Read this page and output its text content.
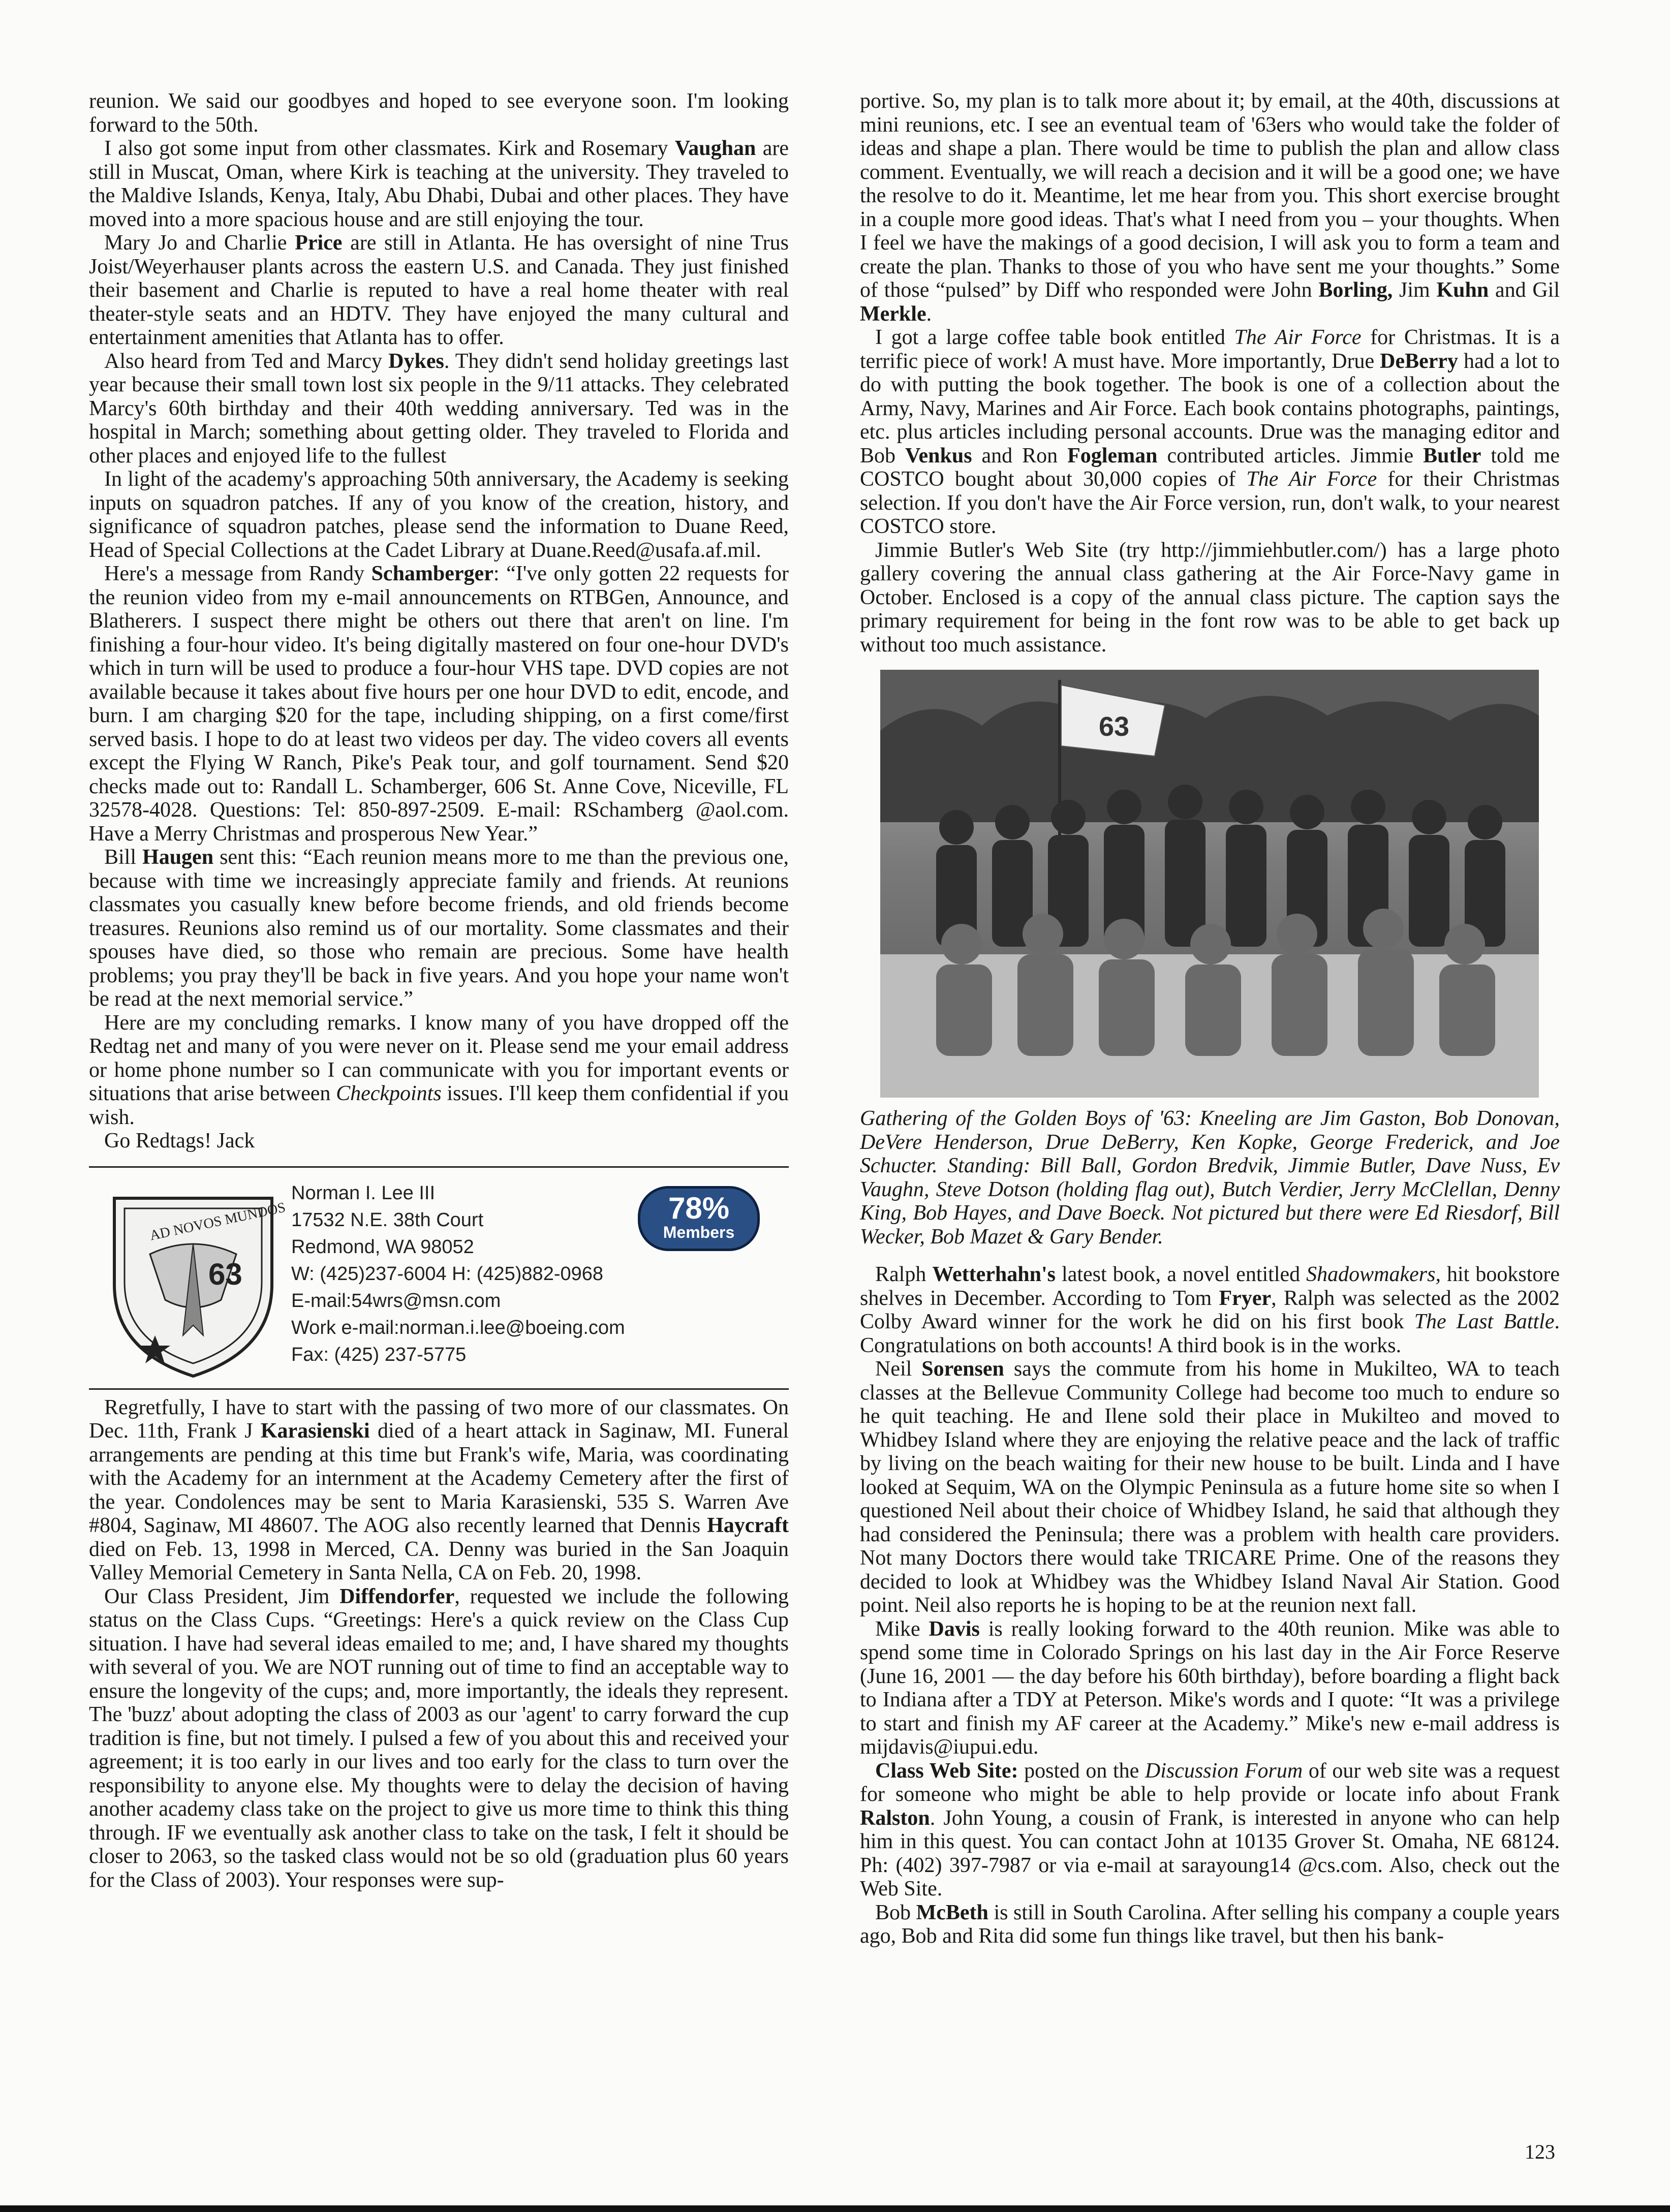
reunion. We said our goodbyes and hoped to see everyone soon. I'm looking forward to the 50th.

I also got some input from other classmates. Kirk and Rosemary Vaughan are still in Muscat, Oman, where Kirk is teaching at the university. They traveled to the Maldive Islands, Kenya, Italy, Abu Dhabi, Dubai and other places. They have moved into a more spacious house and are still enjoying the tour.

Mary Jo and Charlie Price are still in Atlanta. He has oversight of nine Trus Joist/Weyerhauser plants across the eastern U.S. and Canada. They just finished their basement and Charlie is reputed to have a real home theater with real theater-style seats and an HDTV. They have enjoyed the many cultural and entertainment amenities that Atlanta has to offer.

Also heard from Ted and Marcy Dykes. They didn't send holiday greetings last year because their small town lost six people in the 9/11 attacks. They celebrated Marcy's 60th birthday and their 40th wedding anniversary. Ted was in the hospital in March; something about getting older. They traveled to Florida and other places and enjoyed life to the fullest

In light of the academy's approaching 50th anniversary, the Academy is seeking inputs on squadron patches. If any of you know of the creation, history, and significance of squadron patches, please send the information to Duane Reed, Head of Special Collections at the Cadet Library at Duane.Reed@usafa.af.mil.

Here's a message from Randy Schamberger: “I've only gotten 22 requests for the reunion video from my e-mail announcements on RTBGen, Announce, and Blatherers. I suspect there might be others out there that aren't on line. I'm finishing a four-hour video. It's being digitally mastered on four one-hour DVD's which in turn will be used to produce a four-hour VHS tape. DVD copies are not available because it takes about five hours per one hour DVD to edit, encode, and burn. I am charging $20 for the tape, including shipping, on a first come/first served basis. I hope to do at least two videos per day. The video covers all events except the Flying W Ranch, Pike's Peak tour, and golf tournament. Send $20 checks made out to: Randall L. Schamberger, 606 St. Anne Cove, Niceville, FL 32578-4028. Questions: Tel: 850-897-2509. E-mail: RSchamberg @aol.com. Have a Merry Christmas and prosperous New Year.”

Bill Haugen sent this: “Each reunion means more to me than the previous one, because with time we increasingly appreciate family and friends. At reunions classmates you casually knew before become friends, and old friends become treasures. Reunions also remind us of our mortality. Some classmates and their spouses have died, so those who remain are precious. Some have health problems; you pray they'll be back in five years. And you hope your name won't be read at the next memorial service.”

Here are my concluding remarks. I know many of you have dropped off the Redtag net and many of you were never on it. Please send me your email address or home phone number so I can communicate with you for important events or situations that arise between Checkpoints issues. I'll keep them confidential if you wish.

Go Redtags! Jack

AD NOVOS MUNDOS
63
Norman I. Lee III
17532 N.E. 38th Court
Redmond, WA 98052
W: (425)237-6004 H: (425)882-0968
E-mail:54wrs@msn.com
Work e-mail:norman.i.lee@boeing.com
Fax: (425) 237-5775
78%
Members

Regretfully, I have to start with the passing of two more of our classmates. On Dec. 11th, Frank J Karasienski died of a heart attack in Saginaw, MI. Funeral arrangements are pending at this time but Frank's wife, Maria, was coordinating with the Academy for an internment at the Academy Cemetery after the first of the year. Condolences may be sent to Maria Karasienski, 535 S. Warren Ave #804, Saginaw, MI 48607. The AOG also recently learned that Dennis Haycraft died on Feb. 13, 1998 in Merced, CA. Denny was buried in the San Joaquin Valley Memorial Cemetery in Santa Nella, CA on Feb. 20, 1998.

Our Class President, Jim Diffendorfer, requested we include the following status on the Class Cups. “Greetings: Here's a quick review on the Class Cup situation. I have had several ideas emailed to me; and, I have shared my thoughts with several of you. We are NOT running out of time to find an acceptable way to ensure the longevity of the cups; and, more importantly, the ideals they represent. The 'buzz' about adopting the class of 2003 as our 'agent' to carry forward the cup tradition is fine, but not timely. I pulsed a few of you about this and received your agreement; it is too early in our lives and too early for the class to turn over the responsibility to anyone else. My thoughts were to delay the decision of having another academy class take on the project to give us more time to think this thing through. IF we eventually ask another class to take on the task, I felt it should be closer to 2063, so the tasked class would not be so old (graduation plus 60 years for the Class of 2003). Your responses were sup-

portive. So, my plan is to talk more about it; by email, at the 40th, discussions at mini reunions, etc. I see an eventual team of '63ers who would take the folder of ideas and shape a plan. There would be time to publish the plan and allow class comment. Eventually, we will reach a decision and it will be a good one; we have the resolve to do it. Meantime, let me hear from you. This short exercise brought in a couple more good ideas. That's what I need from you – your thoughts. When I feel we have the makings of a good decision, I will ask you to form a team and create the plan. Thanks to those of you who have sent me your thoughts.” Some of those “pulsed” by Diff who responded were John Borling, Jim Kuhn and Gil Merkle.

I got a large coffee table book entitled The Air Force for Christmas. It is a terrific piece of work! A must have. More importantly, Drue DeBerry had a lot to do with putting the book together. The book is one of a collection about the Army, Navy, Marines and Air Force. Each book contains photographs, paintings, etc. plus articles including personal accounts. Drue was the managing editor and Bob Venkus and Ron Fogleman contributed articles. Jimmie Butler told me COSTCO bought about 30,000 copies of The Air Force for their Christmas selection. If you don't have the Air Force version, run, don't walk, to your nearest COSTCO store.

Jimmie Butler's Web Site (try http://jimmiehbutler.com/) has a large photo gallery covering the annual class gathering at the Air Force-Navy game in October. Enclosed is a copy of the annual class picture. The caption says the primary requirement for being in the font row was to be able to get back up without too much assistance.

63

Gathering of the Golden Boys of '63: Kneeling are Jim Gaston, Bob Donovan, DeVere Henderson, Drue DeBerry, Ken Kopke, George Frederick, and Joe Schucter. Standing: Bill Ball, Gordon Bredvik, Jimmie Butler, Dave Nuss, Ev Vaughn, Steve Dotson (holding flag out), Butch Verdier, Jerry McClellan, Denny King, Bob Hayes, and Dave Boeck. Not pictured but there were Ed Riesdorf, Bill Wecker, Bob Mazet & Gary Bender.

Ralph Wetterhahn's latest book, a novel entitled Shadowmakers, hit bookstore shelves in December. According to Tom Fryer, Ralph was selected as the 2002 Colby Award winner for the work he did on his first book The Last Battle. Congratulations on both accounts! A third book is in the works.

Neil Sorensen says the commute from his home in Mukilteo, WA to teach classes at the Bellevue Community College had become too much to endure so he quit teaching. He and Ilene sold their place in Mukilteo and moved to Whidbey Island where they are enjoying the relative peace and the lack of traffic by living on the beach waiting for their new house to be built. Linda and I have looked at Sequim, WA on the Olympic Peninsula as a future home site so when I questioned Neil about their choice of Whidbey Island, he said that although they had considered the Peninsula; there was a problem with health care providers. Not many Doctors there would take TRICARE Prime. One of the reasons they decided to look at Whidbey was the Whidbey Island Naval Air Station. Good point. Neil also reports he is hoping to be at the reunion next fall.

Mike Davis is really looking forward to the 40th reunion. Mike was able to spend some time in Colorado Springs on his last day in the Air Force Reserve (June 16, 2001 — the day before his 60th birthday), before boarding a flight back to Indiana after a TDY at Peterson. Mike's words and I quote: “It was a privilege to start and finish my AF career at the Academy.” Mike's new e-mail address is mijdavis@iupui.edu.

Class Web Site: posted on the Discussion Forum of our web site was a request for someone who might be able to help provide or locate info about Frank Ralston. John Young, a cousin of Frank, is interested in anyone who can help him in this quest. You can contact John at 10135 Grover St. Omaha, NE 68124. Ph: (402) 397-7987 or via e-mail at sarayoung14 @cs.com. Also, check out the Web Site.

Bob McBeth is still in South Carolina. After selling his company a couple years ago, Bob and Rita did some fun things like travel, but then his bank-

123
